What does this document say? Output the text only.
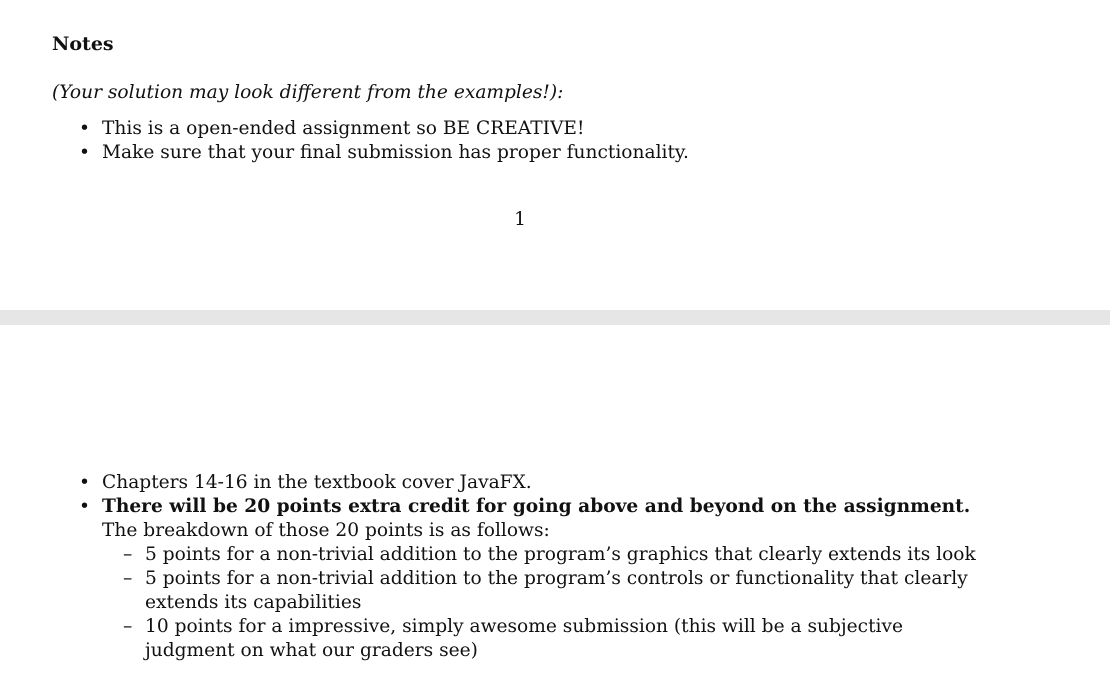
Notes
(Your solution may look different from the examples!):
• This is a open-ended assignment so BE CREATIVE!
• Make sure that your final submission has proper functionality.
1
• Chapters 14-16 in the textbook cover JavaFX.
• There will be 20 points extra credit for going above and beyond on the assignment. The breakdown of those 20 points is as follows:
– 5 points for a non-trivial addition to the program’s graphics that clearly extends its look
– 5 points for a non-trivial addition to the program’s controls or functionality that clearly extends its capabilities
– 10 points for a impressive, simply awesome submission (this will be a subjective judgment on what our graders see)
